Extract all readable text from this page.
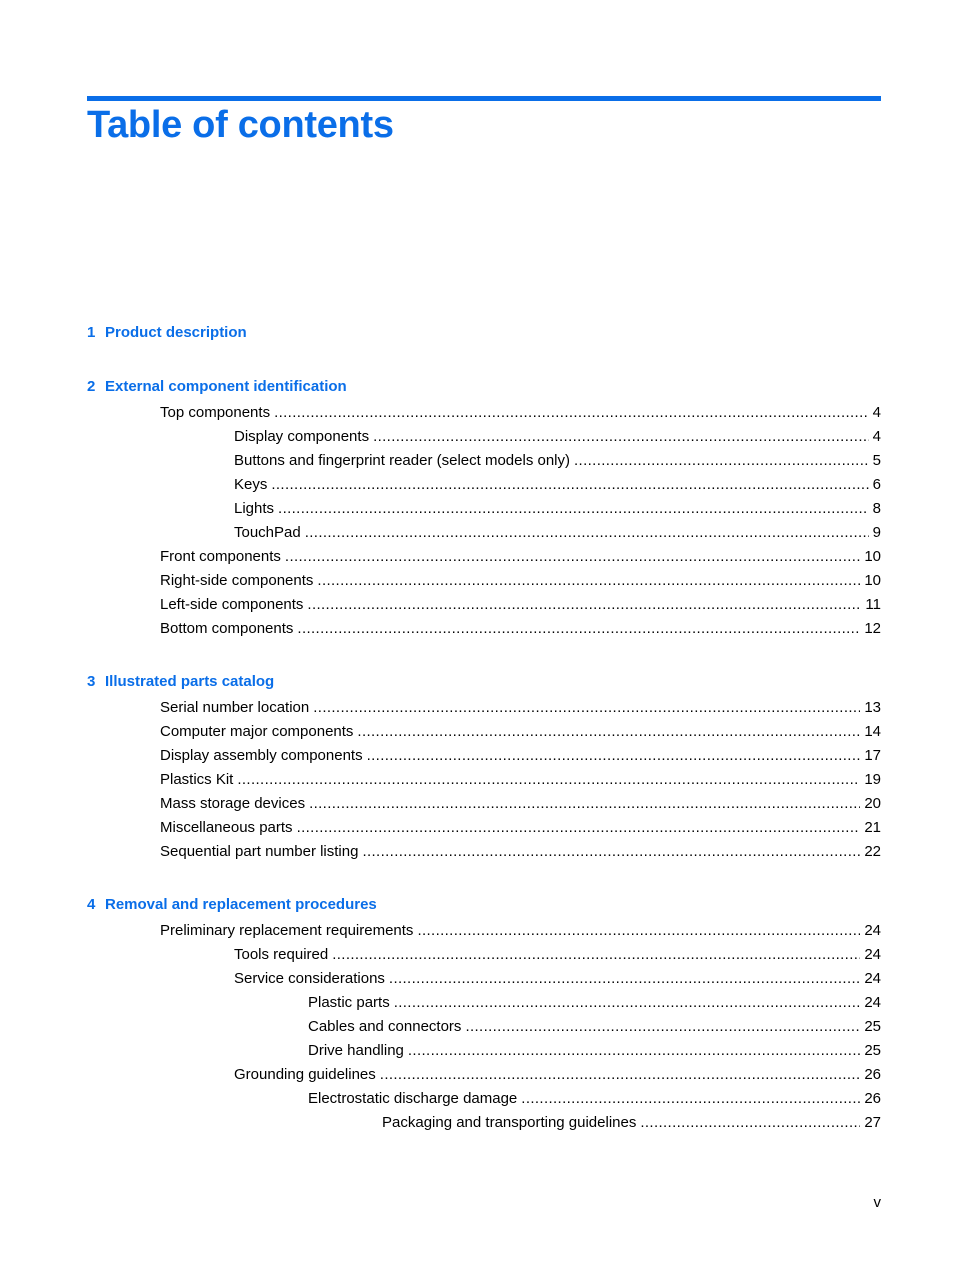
Table of contents
1 Product description
2 External component identification
Top components . . .	4
Display components . . .	4
Buttons and fingerprint reader (select models only) . . .	5
Keys . . .	6
Lights . . .	8
TouchPad . . .	9
Front components . . .	10
Right-side components . . .	10
Left-side components . . .	11
Bottom components . . .	12
3 Illustrated parts catalog
Serial number location . . .	13
Computer major components . . .	14
Display assembly components . . .	17
Plastics Kit . . .	19
Mass storage devices . . .	20
Miscellaneous parts . . .	21
Sequential part number listing . . .	22
4 Removal and replacement procedures
Preliminary replacement requirements . . .	24
Tools required . . .	24
Service considerations . . .	24
Plastic parts . . .	24
Cables and connectors . . .	25
Drive handling . . .	25
Grounding guidelines . . .	26
Electrostatic discharge damage . . .	26
Packaging and transporting guidelines . . .	27
v
